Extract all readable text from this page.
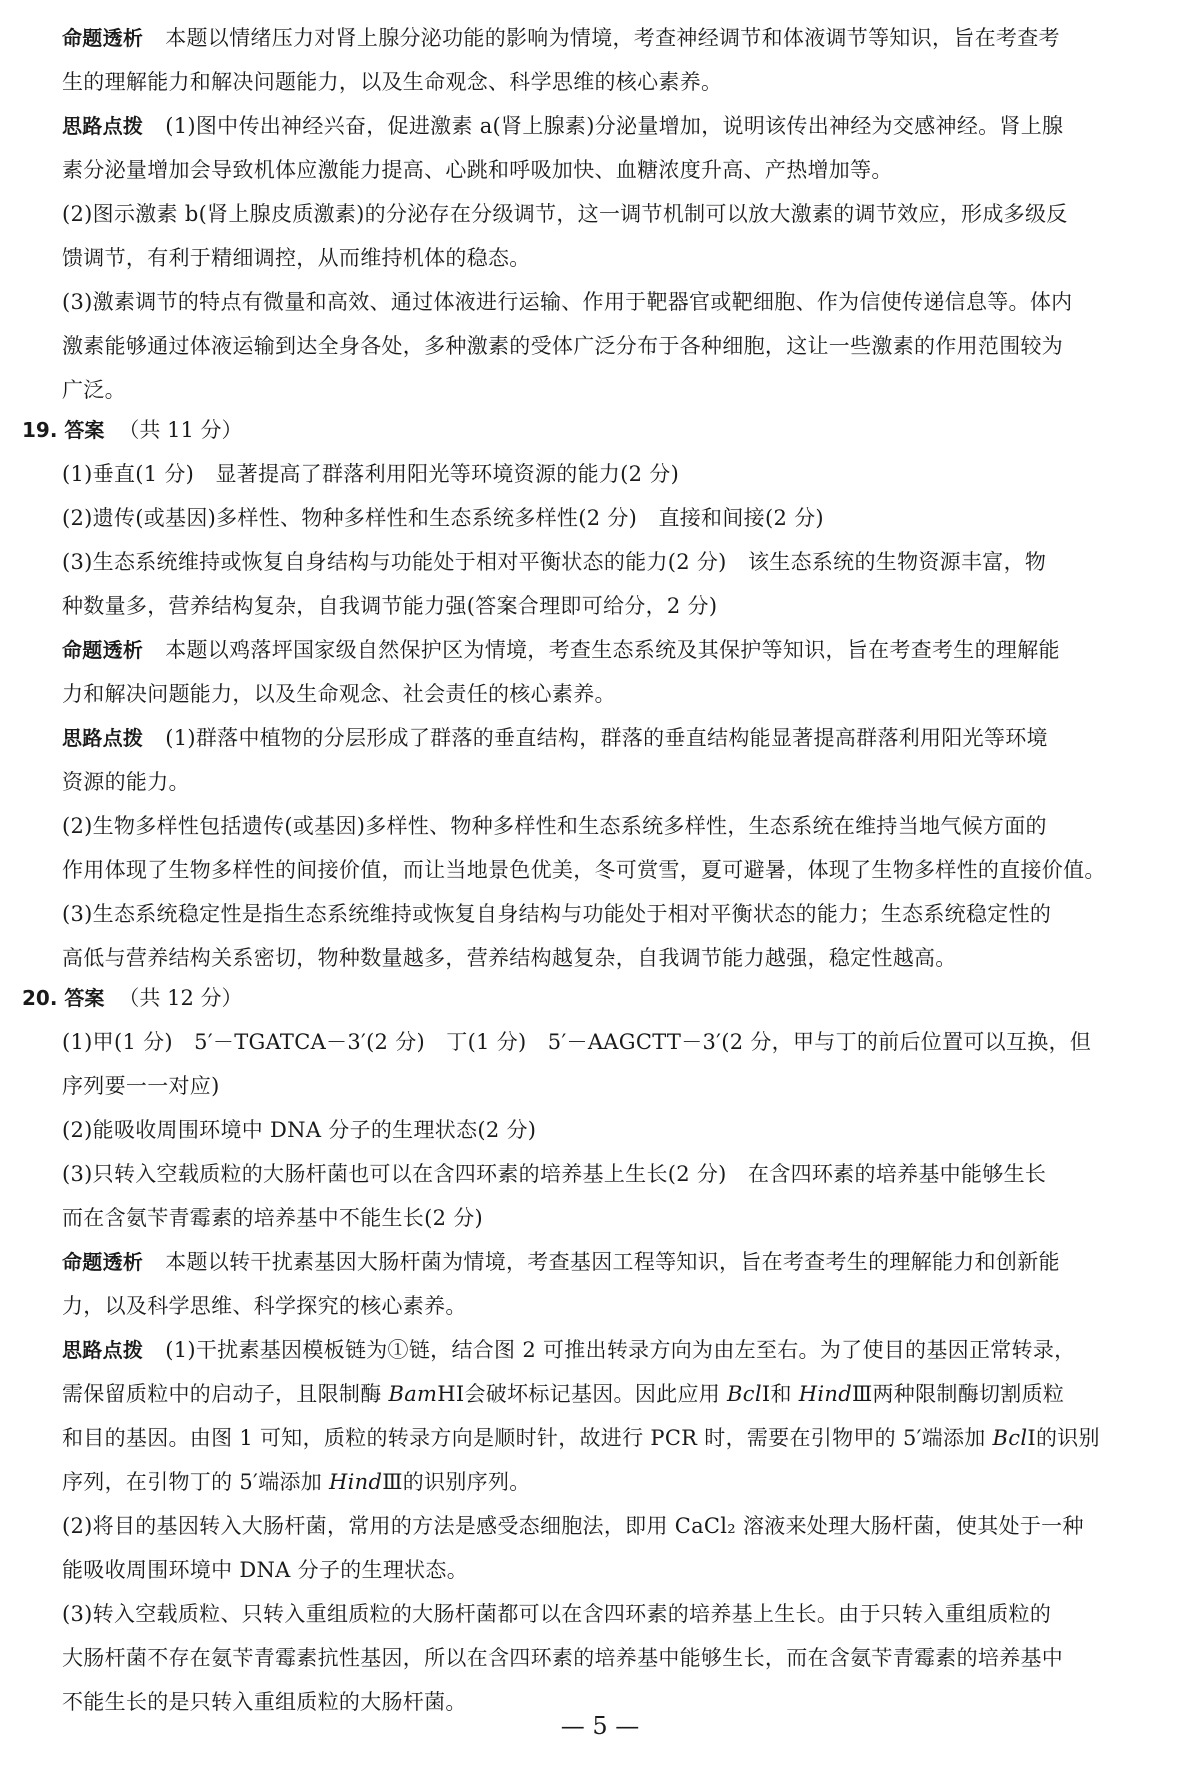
命题透析 本题以情绪压力对肾上腺分泌功能的影响为情境，考查神经调节和体液调节等知识，旨在考查考
生的理解能力和解决问题能力，以及生命观念、科学思维的核心素养。
思路点拨 (1)图中传出神经兴奋，促进激素 a(肾上腺素)分泌量增加，说明该传出神经为交感神经。肾上腺
素分泌量增加会导致机体应激能力提高、心跳和呼吸加快、血糖浓度升高、产热增加等。
(2)图示激素 b(肾上腺皮质激素)的分泌存在分级调节，这一调节机制可以放大激素的调节效应，形成多级反
馈调节，有利于精细调控，从而维持机体的稳态。
(3)激素调节的特点有微量和高效、通过体液进行运输、作用于靶器官或靶细胞、作为信使传递信息等。体内
激素能够通过体液运输到达全身各处，多种激素的受体广泛分布于各种细胞，这让一些激素的作用范围较为
广泛。
19. 答案 （共 11 分）
(1)垂直(1 分)　显著提高了群落利用阳光等环境资源的能力(2 分)
(2)遗传(或基因)多样性、物种多样性和生态系统多样性(2 分)　直接和间接(2 分)
(3)生态系统维持或恢复自身结构与功能处于相对平衡状态的能力(2 分)　该生态系统的生物资源丰富，物
种数量多，营养结构复杂，自我调节能力强(答案合理即可给分，2 分)
命题透析 本题以鸡落坪国家级自然保护区为情境，考查生态系统及其保护等知识，旨在考查考生的理解能
力和解决问题能力，以及生命观念、社会责任的核心素养。
思路点拨 (1)群落中植物的分层形成了群落的垂直结构，群落的垂直结构能显著提高群落利用阳光等环境
资源的能力。
(2)生物多样性包括遗传(或基因)多样性、物种多样性和生态系统多样性，生态系统在维持当地气候方面的
作用体现了生物多样性的间接价值，而让当地景色优美，冬可赏雪，夏可避暑，体现了生物多样性的直接价值。
(3)生态系统稳定性是指生态系统维持或恢复自身结构与功能处于相对平衡状态的能力；生态系统稳定性的
高低与营养结构关系密切，物种数量越多，营养结构越复杂，自我调节能力越强，稳定性越高。
20. 答案 （共 12 分）
(1)甲(1 分)　5′－TGATCA－3′(2 分)　丁(1 分)　5′－AAGCTT－3′(2 分，甲与丁的前后位置可以互换，但
序列要一一对应)
(2)能吸收周围环境中 DNA 分子的生理状态(2 分)
(3)只转入空载质粒的大肠杆菌也可以在含四环素的培养基上生长(2 分)　在含四环素的培养基中能够生长
而在含氨苄青霉素的培养基中不能生长(2 分)
命题透析 本题以转干扰素基因大肠杆菌为情境，考查基因工程等知识，旨在考查考生的理解能力和创新能
力，以及科学思维、科学探究的核心素养。
思路点拨 (1)干扰素基因模板链为①链，结合图 2 可推出转录方向为由左至右。为了使目的基因正常转录，
需保留质粒中的启动子，且限制酶 BamHⅠ会破坏标记基因。因此应用 BclⅠ和 HindⅢ两种限制酶切割质粒
和目的基因。由图 1 可知，质粒的转录方向是顺时针，故进行 PCR 时，需要在引物甲的 5′端添加 BclⅠ的识别
序列，在引物丁的 5′端添加 HindⅢ的识别序列。
(2)将目的基因转入大肠杆菌，常用的方法是感受态细胞法，即用 CaCl₂ 溶液来处理大肠杆菌，使其处于一种
能吸收周围环境中 DNA 分子的生理状态。
(3)转入空载质粒、只转入重组质粒的大肠杆菌都可以在含四环素的培养基上生长。由于只转入重组质粒的
大肠杆菌不存在氨苄青霉素抗性基因，所以在含四环素的培养基中能够生长，而在含氨苄青霉素的培养基中
不能生长的是只转入重组质粒的大肠杆菌。
— 5 —
